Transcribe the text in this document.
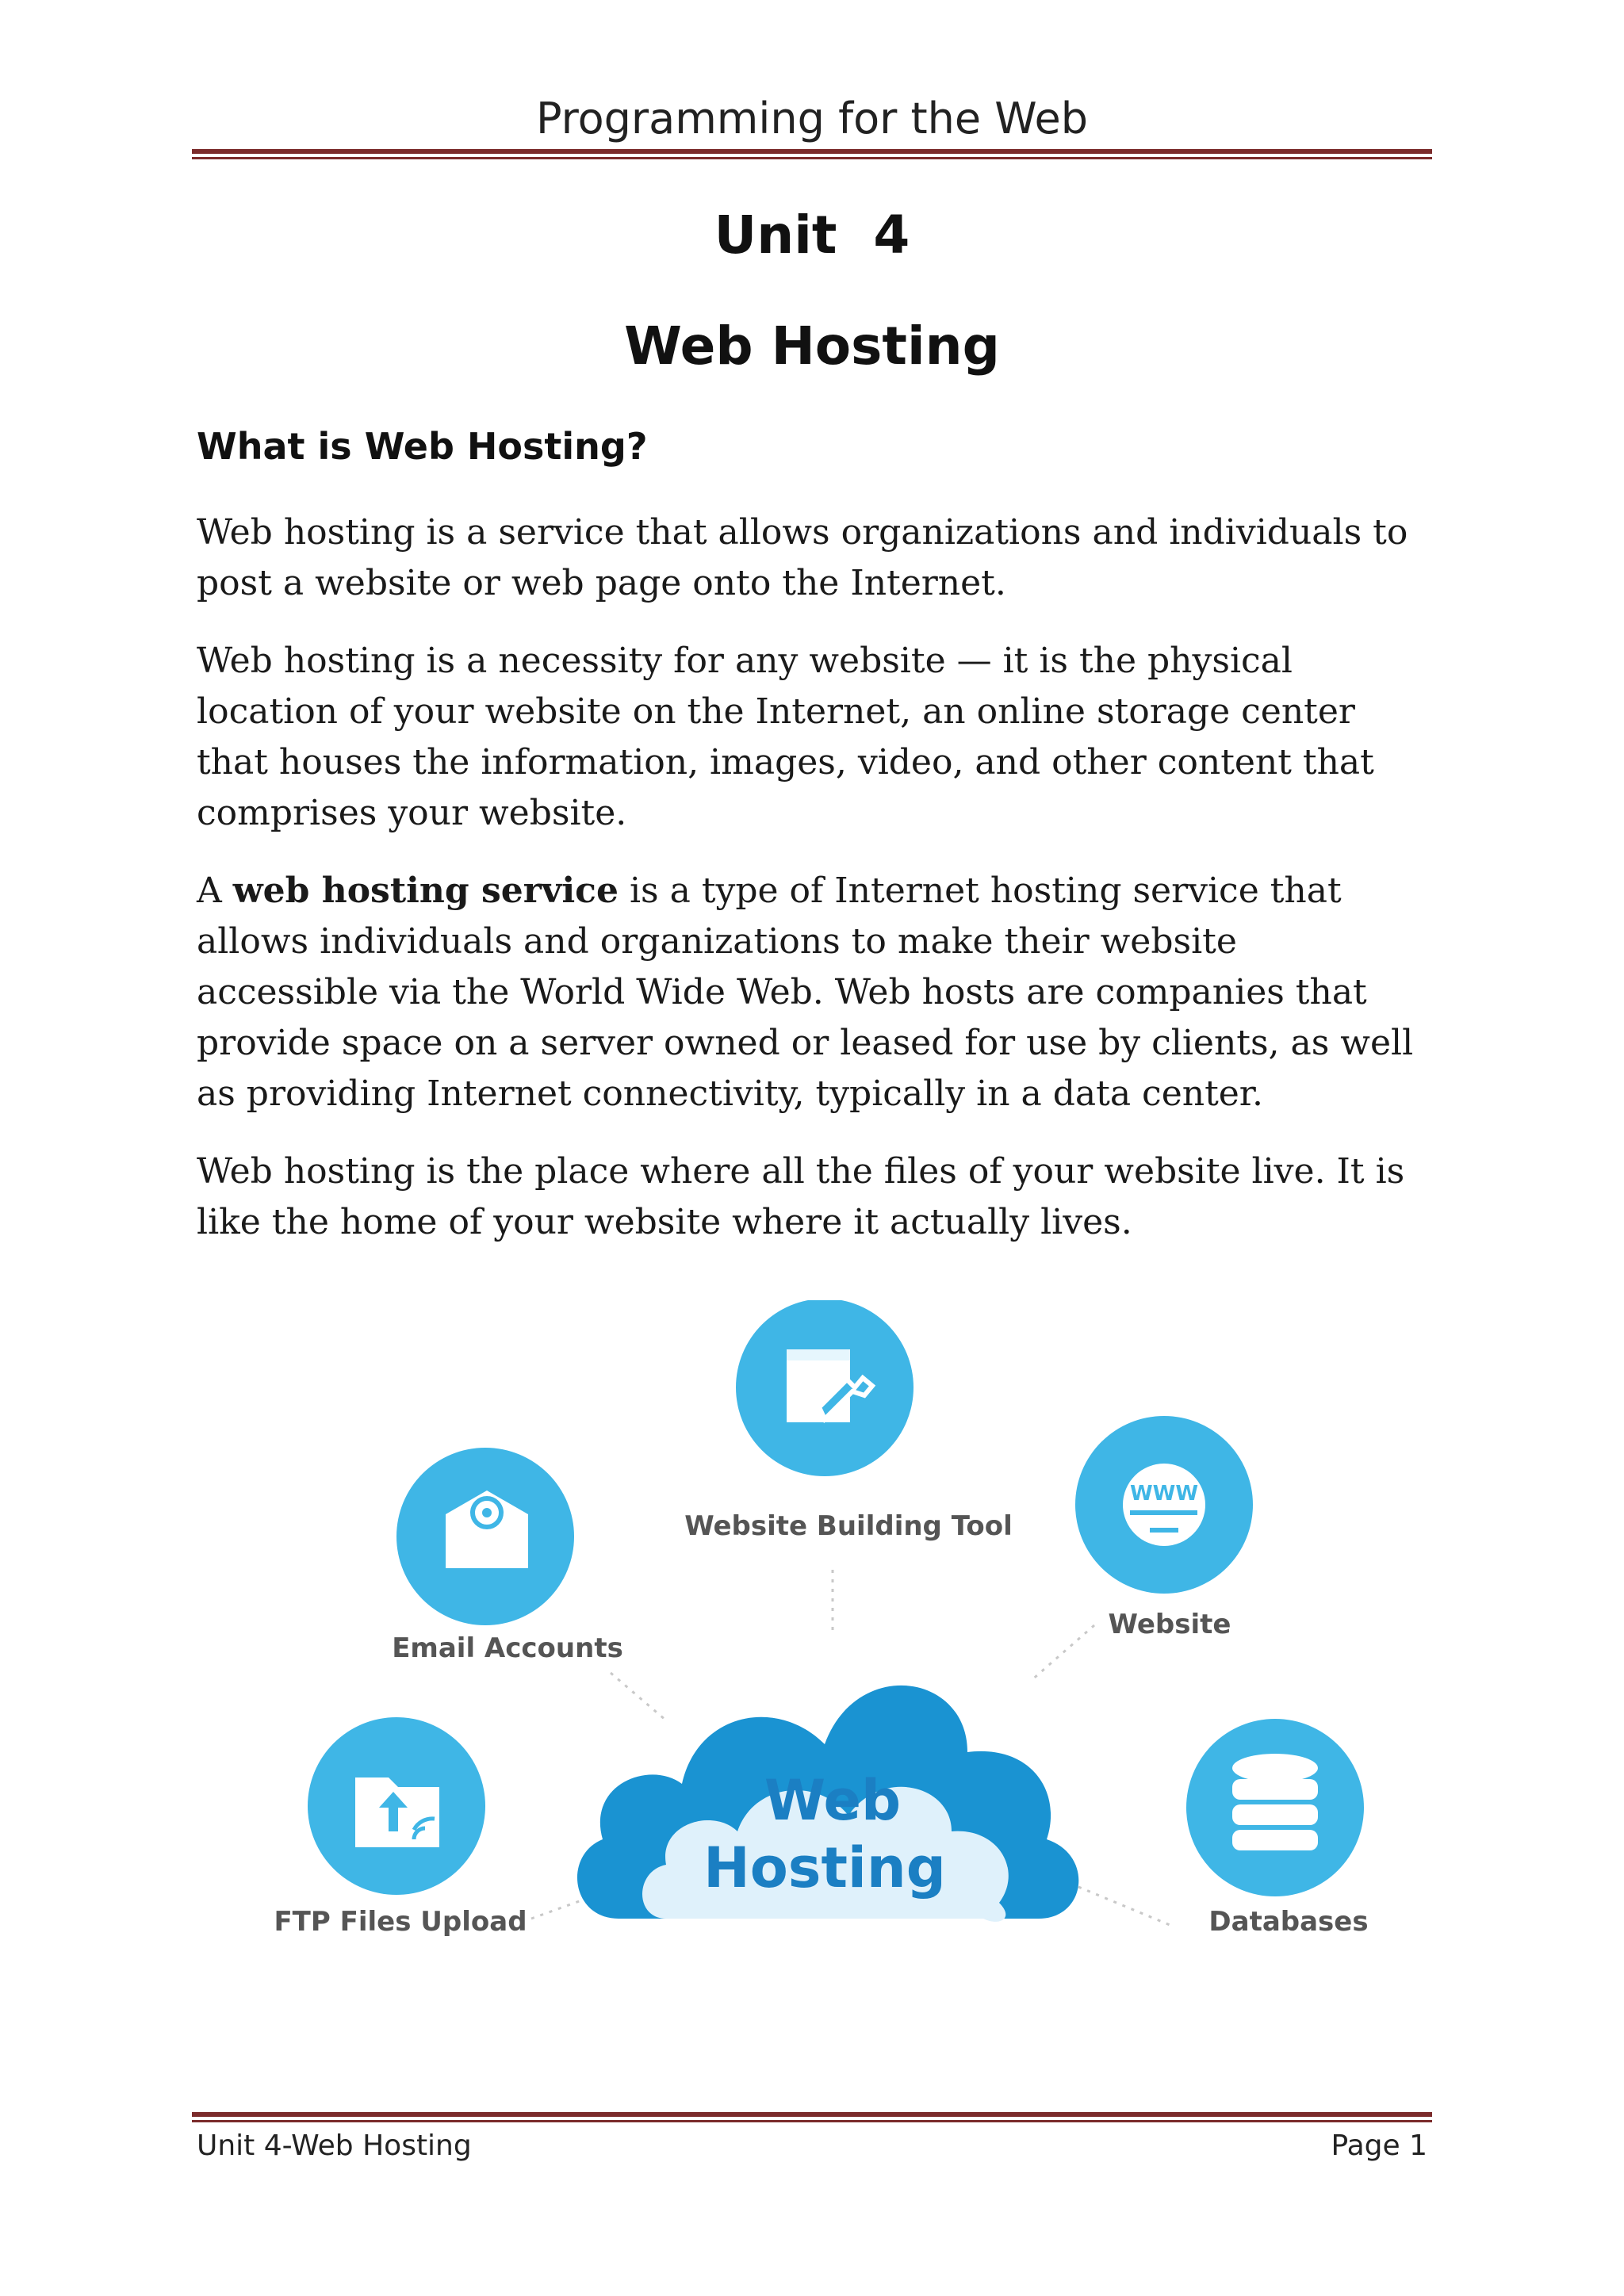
Programming for the Web
Unit  4
Web Hosting
What is Web Hosting?

Web hosting is a service that allows organizations and individuals to post a website or web page onto the Internet.

Web hosting is a necessity for any website — it is the physical location of your website on the Internet, an online storage center that houses the information, images, video, and other content that comprises your website.

A web hosting service is a type of Internet hosting service that allows individuals and organizations to make their website accessible via the World Wide Web. Web hosts are companies that provide space on a server owned or leased for use by clients, as well as providing Internet connectivity, typically in a data center.

Web hosting is the place where all the files of your website live. It is like the home of your website where it actually lives.

Web
Hosting
Website Building Tool
Email Accounts
WWW
Website
FTP Files Upload	Databases
Unit 4-Web Hosting	Page 1
